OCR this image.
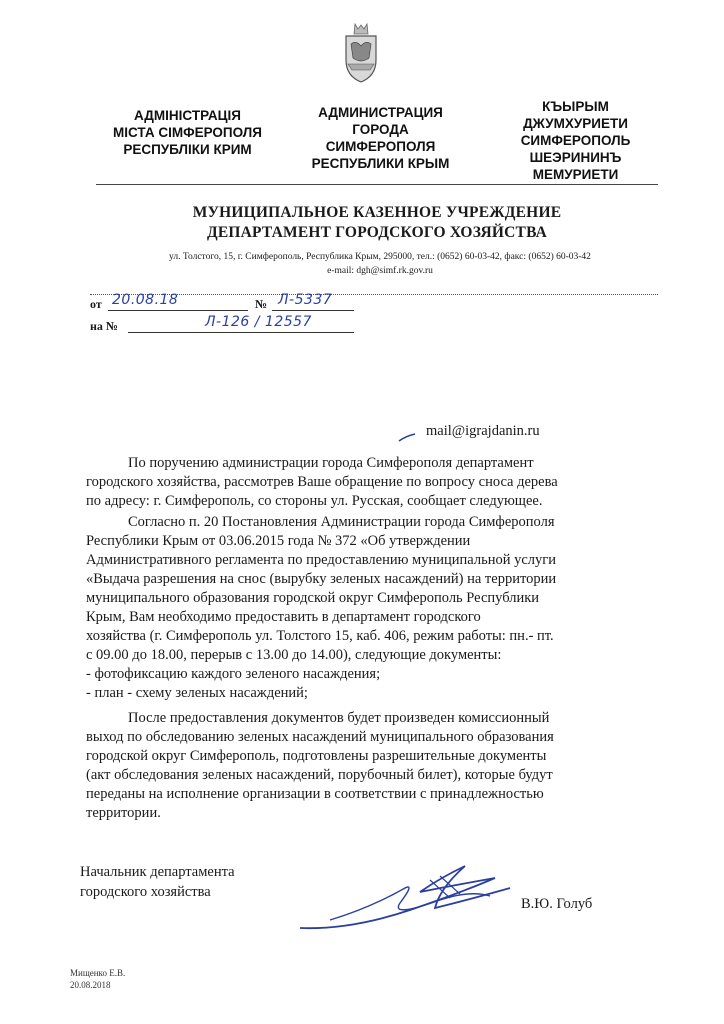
АДМІНІСТРАЦІЯ
МІСТА СІМФЕРОПОЛЯ
РЕСПУБЛІКИ КРИМ
АДМИНИСТРАЦИЯ
ГОРОДА
СИМФЕРОПОЛЯ
РЕСПУБЛИКИ КРЫМ
КЪЫРЫМ
ДЖУМХУРИЕТИ
СИМФЕРОПОЛЬ
ШЕЭРИНИНЪ
МЕМУРИЕТИ
МУНИЦИПАЛЬНОЕ КАЗЕННОЕ УЧРЕЖДЕНИЕ
ДЕПАРТАМЕНТ ГОРОДСКОГО ХОЗЯЙСТВА
ул. Толстого, 15, г. Симферополь, Республика Крым, 295000, тел.: (0652) 60-03-42, факс: (0652) 60-03-42
e-mail: dgh@simf.rk.gov.ru
от 20.08.18	№ Л-5337
на №	Л-126 / 12557
mail@igrajdanin.ru
По поручению администрации города Симферополя департамент
городского хозяйства, рассмотрев Ваше обращение по вопросу сноса дерева
по адресу: г. Симферополь, со стороны ул. Русская, сообщает следующее.
Согласно п. 20 Постановления Администрации города Симферополя
Республики Крым от 03.06.2015 года № 372 «Об утверждении
Административного регламента по предоставлению муниципальной услуги
«Выдача разрешения на снос (вырубку зеленых насаждений) на территории
муниципального образования городской округ Симферополь Республики
Крым, Вам необходимо предоставить в департамент городского
хозяйства (г. Симферополь ул. Толстого 15, каб. 406, режим работы: пн.- пт.
с 09.00 до 18.00, перерыв с 13.00 до 14.00), следующие документы:
- фотофиксацию каждого зеленого насаждения;
- план - схему зеленых насаждений;
После предоставления документов будет произведен комиссионный
выход по обследованию зеленых насаждений муниципального образования
городской округ Симферополь, подготовлены разрешительные документы
(акт обследования зеленых насаждений, порубочный билет), которые будут
переданы на исполнение организации в соответствии с принадлежностью
территории.
Начальник департамента
городского хозяйства
В.Ю. Голуб
Мищенко Е.В.
20.08.2018
